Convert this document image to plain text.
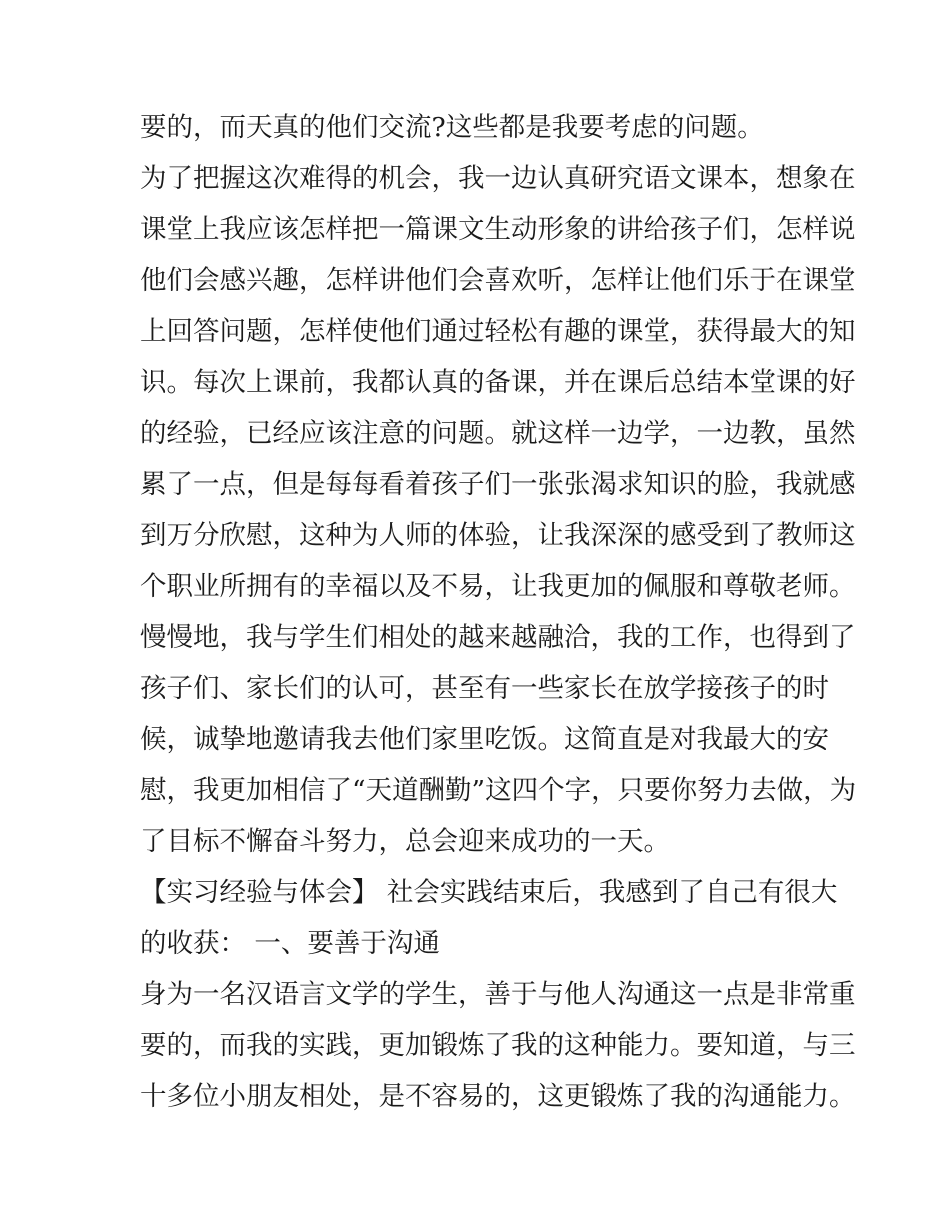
要的，而天真的他们交流?这些都是我要考虑的问题。
为了把握这次难得的机会，我一边认真研究语文课本，想象在
课堂上我应该怎样把一篇课文生动形象的讲给孩子们，怎样说
他们会感兴趣，怎样讲他们会喜欢听，怎样让他们乐于在课堂
上回答问题，怎样使他们通过轻松有趣的课堂，获得最大的知
识。每次上课前，我都认真的备课，并在课后总结本堂课的好
的经验，已经应该注意的问题。就这样一边学，一边教，虽然
累了一点，但是每每看着孩子们一张张渴求知识的脸，我就感
到万分欣慰，这种为人师的体验，让我深深的感受到了教师这
个职业所拥有的幸福以及不易，让我更加的佩服和尊敬老师。
慢慢地，我与学生们相处的越来越融洽，我的工作，也得到了
孩子们、家长们的认可，甚至有一些家长在放学接孩子的时
候，诚挚地邀请我去他们家里吃饭。这简直是对我最大的安
慰，我更加相信了“天道酬勤”这四个字，只要你努力去做，为
了目标不懈奋斗努力，总会迎来成功的一天。
【实习经验与体会】 社会实践结束后，我感到了自己有很大
的收获： 一、要善于沟通
身为一名汉语言文学的学生，善于与他人沟通这一点是非常重
要的，而我的实践，更加锻炼了我的这种能力。要知道，与三
十多位小朋友相处，是不容易的，这更锻炼了我的沟通能力。
